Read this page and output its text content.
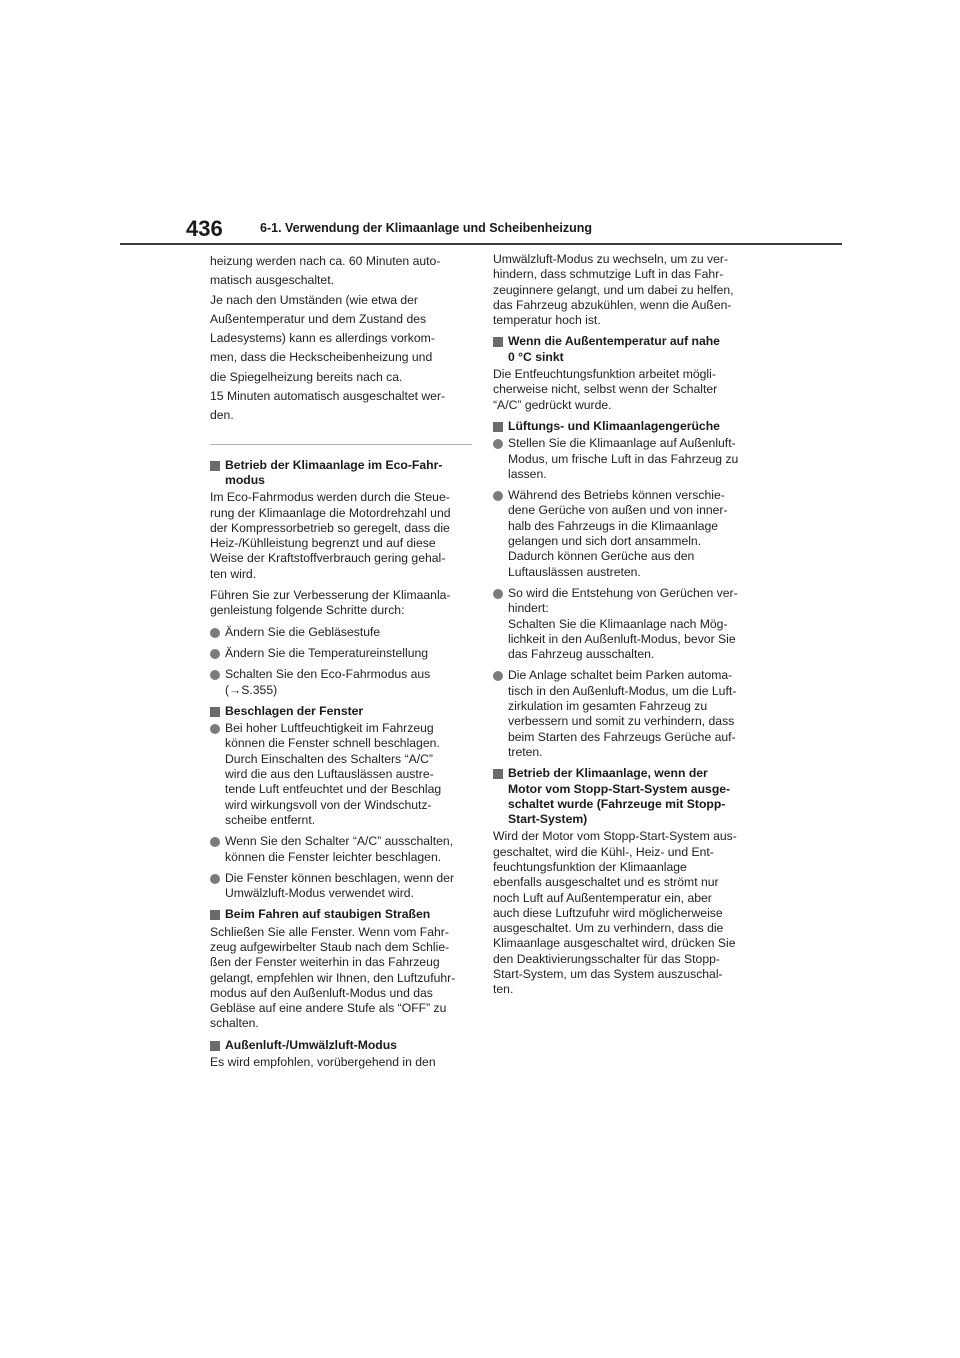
436	6-1. Verwendung der Klimaanlage und Scheibenheizung
heizung werden nach ca. 60 Minuten auto-
matisch ausgeschaltet.
Je nach den Umständen (wie etwa der
Außentemperatur und dem Zustand des
Ladesystems) kann es allerdings vorkom-
men, dass die Heckscheibenheizung und
die Spiegelheizung bereits nach ca.
15 Minuten automatisch ausgeschaltet wer-
den.
Betrieb der Klimaanlage im Eco-Fahr-
modus
Im Eco-Fahrmodus werden durch die Steue-
rung der Klimaanlage die Motordrehzahl und
der Kompressorbetrieb so geregelt, dass die
Heiz-/Kühlleistung begrenzt und auf diese
Weise der Kraftstoffverbrauch gering gehal-
ten wird.
Führen Sie zur Verbesserung der Klimaanla-
genleistung folgende Schritte durch:
Ändern Sie die Gebläsestufe
Ändern Sie die Temperatureinstellung
Schalten Sie den Eco-Fahrmodus aus
(→S.355)
Beschlagen der Fenster
Bei hoher Luftfeuchtigkeit im Fahrzeug
können die Fenster schnell beschlagen.
Durch Einschalten des Schalters “A/C”
wird die aus den Luftauslässen austre-
tende Luft entfeuchtet und der Beschlag
wird wirkungsvoll von der Windschutz-
scheibe entfernt.
Wenn Sie den Schalter “A/C” ausschalten,
können die Fenster leichter beschlagen.
Die Fenster können beschlagen, wenn der
Umwälzluft-Modus verwendet wird.
Beim Fahren auf staubigen Straßen
Schließen Sie alle Fenster. Wenn vom Fahr-
zeug aufgewirbelter Staub nach dem Schlie-
ßen der Fenster weiterhin in das Fahrzeug
gelangt, empfehlen wir Ihnen, den Luftzufuhr-
modus auf den Außenluft-Modus und das
Gebläse auf eine andere Stufe als “OFF” zu
schalten.
Außenluft-/Umwälzluft-Modus
Es wird empfohlen, vorübergehend in den
Umwälzluft-Modus zu wechseln, um zu ver-
hindern, dass schmutzige Luft in das Fahr-
zeuginnere gelangt, und um dabei zu helfen,
das Fahrzeug abzukühlen, wenn die Außen-
temperatur hoch ist.
Wenn die Außentemperatur auf nahe
0 °C sinkt
Die Entfeuchtungsfunktion arbeitet mögli-
cherweise nicht, selbst wenn der Schalter
“A/C” gedrückt wurde.
Lüftungs- und Klimaanlagengerüche
Stellen Sie die Klimaanlage auf Außenluft-
Modus, um frische Luft in das Fahrzeug zu
lassen.
Während des Betriebs können verschie-
dene Gerüche von außen und von inner-
halb des Fahrzeugs in die Klimaanlage
gelangen und sich dort ansammeln.
Dadurch können Gerüche aus den
Luftauslässen austreten.
So wird die Entstehung von Gerüchen ver-
hindert:
Schalten Sie die Klimaanlage nach Mög-
lichkeit in den Außenluft-Modus, bevor Sie
das Fahrzeug ausschalten.
Die Anlage schaltet beim Parken automa-
tisch in den Außenluft-Modus, um die Luft-
zirkulation im gesamten Fahrzeug zu
verbessern und somit zu verhindern, dass
beim Starten des Fahrzeugs Gerüche auf-
treten.
Betrieb der Klimaanlage, wenn der
Motor vom Stopp-Start-System ausge-
schaltet wurde (Fahrzeuge mit Stopp-
Start-System)
Wird der Motor vom Stopp-Start-System aus-
geschaltet, wird die Kühl-, Heiz- und Ent-
feuchtungsfunktion der Klimaanlage
ebenfalls ausgeschaltet und es strömt nur
noch Luft auf Außentemperatur ein, aber
auch diese Luftzufuhr wird möglicherweise
ausgeschaltet. Um zu verhindern, dass die
Klimaanlage ausgeschaltet wird, drücken Sie
den Deaktivierungsschalter für das Stopp-
Start-System, um das System auszuschal-
ten.
